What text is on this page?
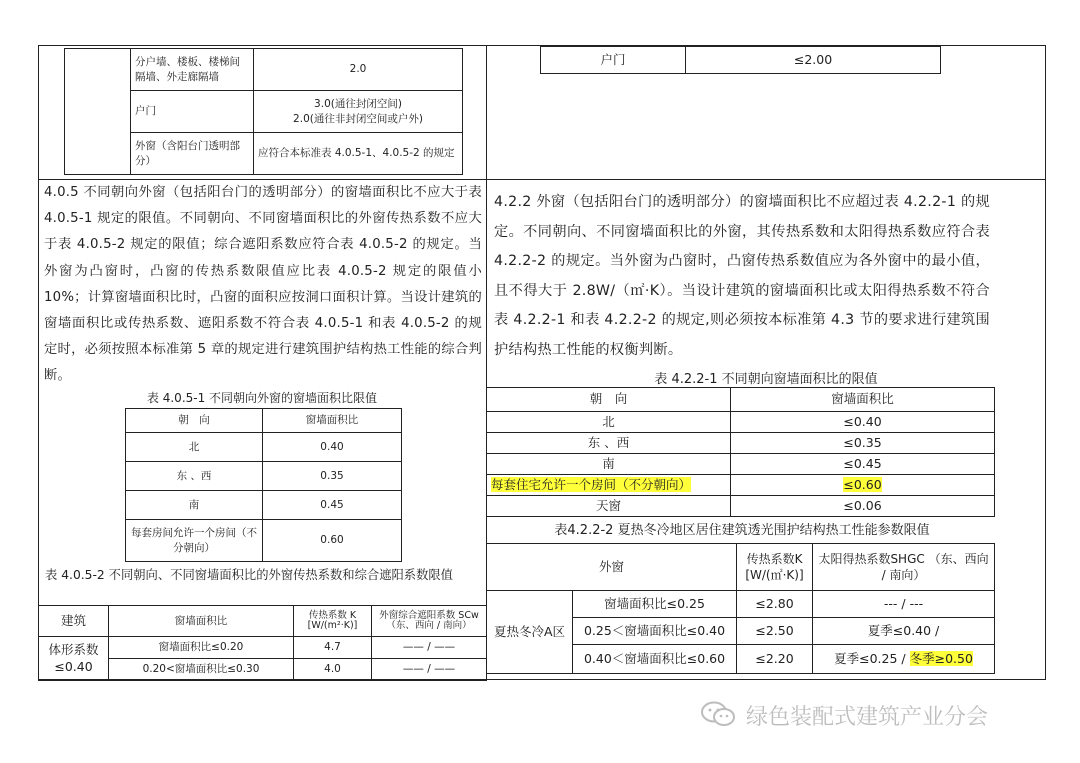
	分户墙、楼板、楼梯间隔墙、外走廊隔墙	2.0
	户门	3.0(通往封闭空间)
2.0(通往非封闭空间或户外)

	外窗（含阳台门透明部分）	应符合本标准表 4.0.5-1、4.0.5-2 的规定
4.0.5 不同朝向外窗（包括阳台门的透明部分）的窗墙面积比不应大于表 4.0.5-1 规定的限值。不同朝向、不同窗墙面积比的外窗传热系数不应大于表 4.0.5-2 规定的限值；综合遮阳系数应符合表 4.0.5-2 的规定。当外窗为凸窗时，凸窗的传热系数限值应比表 4.0.5-2 规定的限值小 10%；计算窗墙面积比时，凸窗的面积应按洞口面积计算。当设计建筑的窗墙面积比或传热系数、遮阳系数不符合表 4.0.5-1 和表 4.0.5-2 的规定时，必须按照本标准第 5 章的规定进行建筑围护结构热工性能的综合判断。
表 4.0.5-1 不同朝向外窗的窗墙面积比限值
朝　向	窗墙面积比
北	0.40
东 、西	0.35
南	0.45
每套房间允许一个房间（不分朝向）	0.60
表 4.0.5-2 不同朝向、不同窗墙面积比的外窗传热系数和综合遮阳系数限值
建筑	窗墙面积比	传热系数 K [W/(m²·K)]	外窗综合遮阳系数 SCw （东、西向 / 南向）
体形系数 ≤0.40	窗墙面积比≤0.20	4.7	—— / ——
	0.20<窗墙面积比≤0.30	4.0	—— / ——
户门	≤2.00
4.2.2 外窗（包括阳台门的透明部分）的窗墙面积比不应超过表 4.2.2-1 的规定。不同朝向、不同窗墙面积比的外窗，其传热系数和太阳得热系数应符合表 4.2.2-2 的规定。当外窗为凸窗时，凸窗传热系数值应为各外窗中的最小值，且不得大于 2.8W/（㎡·K）。当设计建筑的窗墙面积比或太阳得热系数不符合表 4.2.2-1 和表 4.2.2-2 的规定,则必须按本标准第 4.3 节的要求进行建筑围护结构热工性能的权衡判断。
表 4.2.2-1 不同朝向窗墙面积比的限值
朝　向	窗墙面积比
北	≤0.40
东 、西	≤0.35
南	≤0.45
每套住宅允许一个房间（不分朝向）	≤0.60
天窗	≤0.06
表4.2.2-2 夏热冬冷地区居住建筑透光围护结构热工性能参数限值
外窗		传热系数K [W/(㎡·K)]	太阳得热系数SHGC （东、西向 / 南向）
夏热冬冷A区	窗墙面积比≤0.25	≤2.80	--- / ---
	0.25＜窗墙面积比≤0.40	≤2.50	夏季≤0.40 /
	0.40＜窗墙面积比≤0.60	≤2.20	夏季≤0.25 / 冬季≥0.50
绿色装配式建筑产业分会
